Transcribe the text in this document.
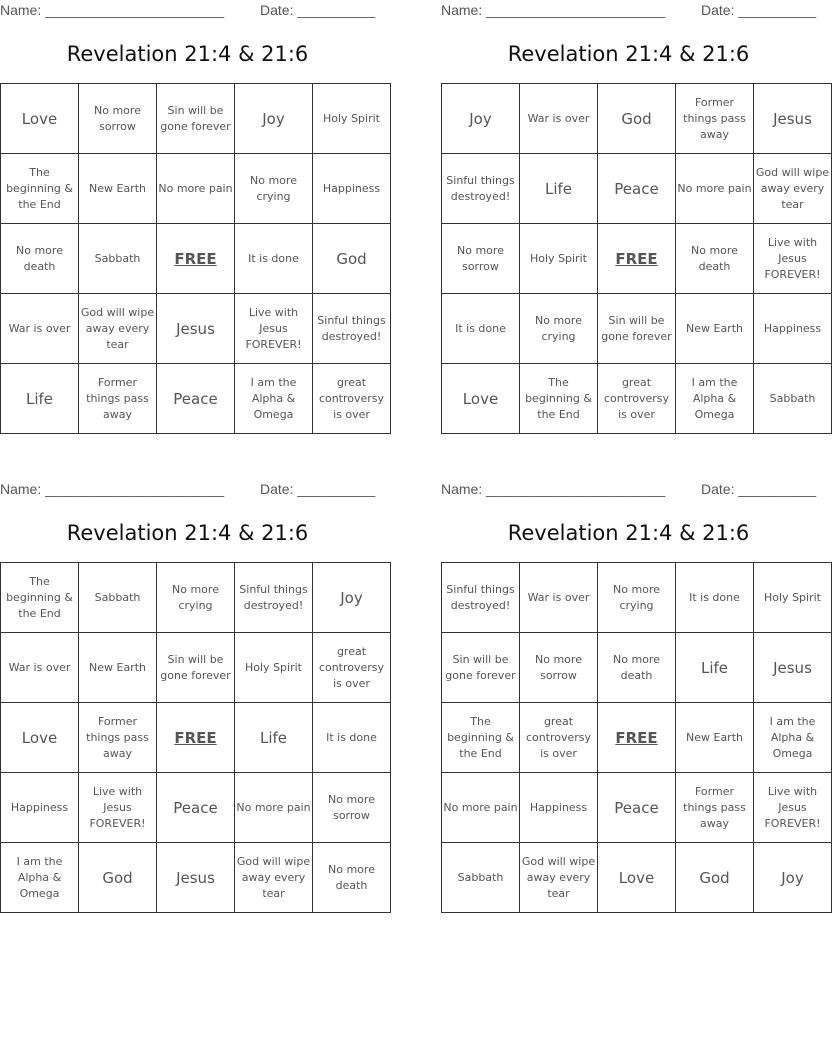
Name: _______________________	Date: __________
Revelation 21:4 & 21:6
Love	No more sorrow	Sin will be gone forever	Joy	Holy Spirit
The beginning & the End	New Earth	No more pain	No more crying	Happiness
No more death	Sabbath	FREE	It is done	God
War is over	God will wipe away every tear	Jesus	Live with Jesus FOREVER!	Sinful things destroyed!
Life	Former things pass away	Peace	I am the Alpha & Omega	great controversy is over
Name: _______________________	Date: __________
Revelation 21:4 & 21:6
Joy	War is over	God	Former things pass away	Jesus
Sinful things destroyed!	Life	Peace	No more pain	God will wipe away every tear
No more sorrow	Holy Spirit	FREE	No more death	Live with Jesus FOREVER!
It is done	No more crying	Sin will be gone forever	New Earth	Happiness
Love	The beginning & the End	great controversy is over	I am the Alpha & Omega	Sabbath
Name: _______________________	Date: __________
Revelation 21:4 & 21:6
The beginning & the End	Sabbath	No more crying	Sinful things destroyed!	Joy
War is over	New Earth	Sin will be gone forever	Holy Spirit	great controversy is over
Love	Former things pass away	FREE	Life	It is done
Happiness	Live with Jesus FOREVER!	Peace	No more pain	No more sorrow
I am the Alpha & Omega	God	Jesus	God will wipe away every tear	No more death
Name: _______________________	Date: __________
Revelation 21:4 & 21:6
Sinful things destroyed!	War is over	No more crying	It is done	Holy Spirit
Sin will be gone forever	No more sorrow	No more death	Life	Jesus
The beginning & the End	great controversy is over	FREE	New Earth	I am the Alpha & Omega
No more pain	Happiness	Peace	Former things pass away	Live with Jesus FOREVER!
Sabbath	God will wipe away every tear	Love	God	Joy
